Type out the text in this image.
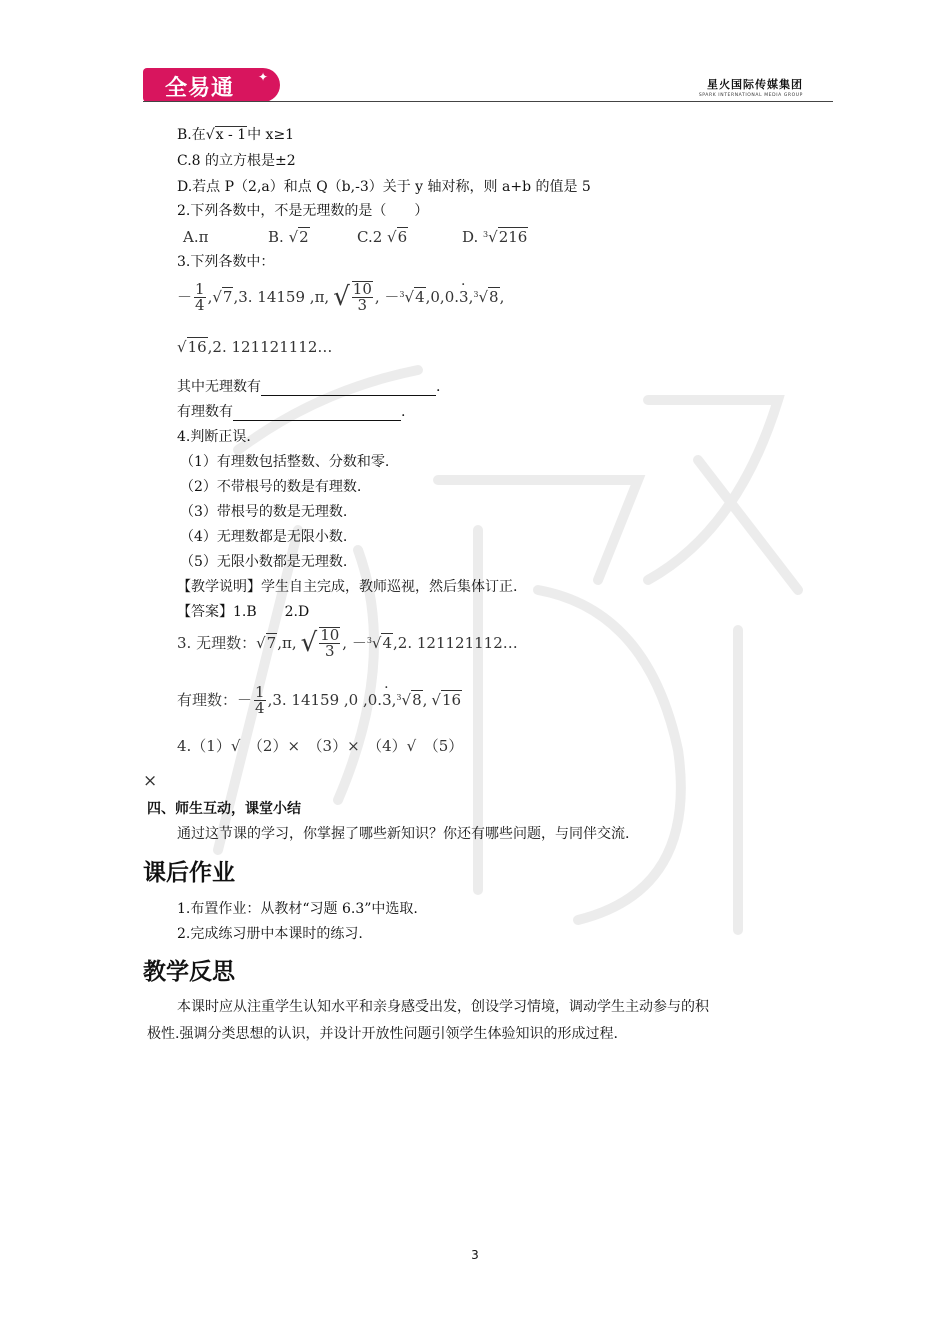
全易通 ✦
星火国际传媒集团
SPARK INTERNATIONAL MEDIA GROUP
B.在√x - 1中 x≥1
C.8 的立方根是±2
D.若点 P（2,a）和点 Q（b,-3）关于 y 轴对称，则 a+b 的值是 5
2.下列各数中，不是无理数的是（　　）
A.π	B. √2	C.2 √6	D. $^3$√216
3.下列各数中：
－ $\frac{1}{4}$ , √ 7 ,3. 14159 , π , √ $\frac{10}{3}$ , － 3 √ 4 ,0,0. 3 · , 3 √ 8 ,
√16,2. 121121112…
其中无理数有	.
有理数有	.
4.判断正误.
（1）有理数包括整数、分数和零.
（2）不带根号的数是有理数.
（3）带根号的数是无理数.
（4）无理数都是无限小数.
（5）无限小数都是无理数.
【教学说明】学生自主完成，教师巡视，然后集体订正.
【答案】1.B　　2.D
3. 无理数： √ 7 ,π, √ $\frac{10}{3}$ , － 3 √ 4 ,2. 121121112…
有理数： － $\frac{1}{4} ,3$. 14159 ,0 ,0. 3 · , 3 √ 8 , √ 16
4.（1）√　（2）×　（3）×　（4）√　（5）
×
四、师生互动，课堂小结
通过这节课的学习，你掌握了哪些新知识？你还有哪些问题，与同伴交流.
课后作业
1.布置作业：从教材“习题 6.3”中选取.
2.完成练习册中本课时的练习.
教学反思
本课时应从注重学生认知水平和亲身感受出发，创设学习情境，调动学生主动参与的积
极性.强调分类思想的认识，并设计开放性问题引领学生体验知识的形成过程.
3
